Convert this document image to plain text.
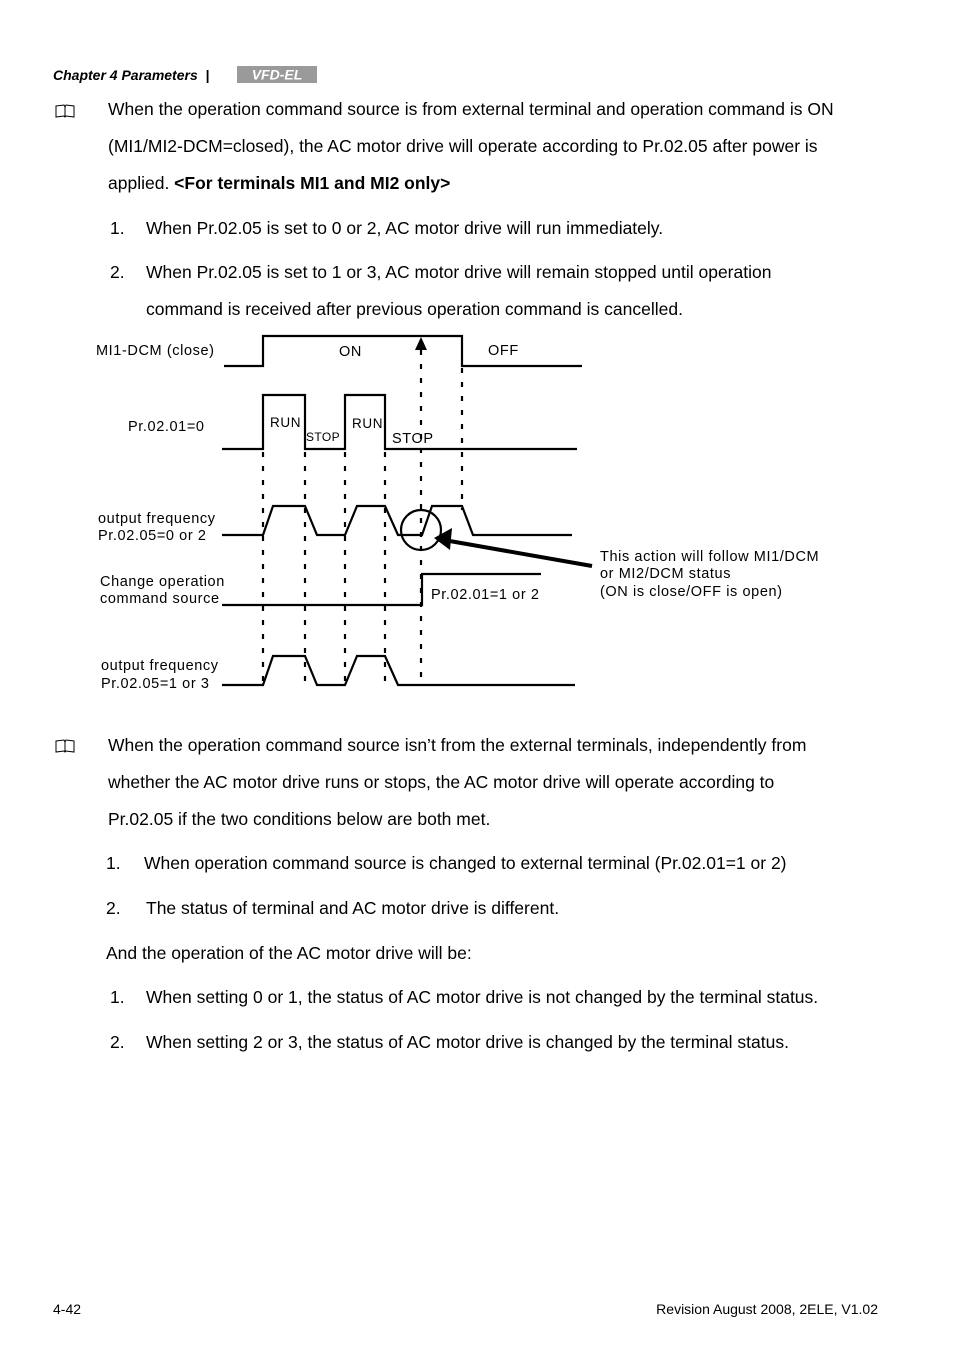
Chapter 4 Parameters |	VFD-EL
When the operation command source is from external terminal and operation command is ON
(MI1/MI2-DCM=closed), the AC motor drive will operate according to Pr.02.05 after power is
applied. <For terminals MI1 and MI2 only>
1. When Pr.02.05 is set to 0 or 2, AC motor drive will run immediately.
2. When Pr.02.05 is set to 1 or 3, AC motor drive will remain stopped until operation
command is received after previous operation command is cancelled.
MI1-DCM (close)	ON	OFF
Pr.02.01=0
output frequency
Pr.02.05=0 or 2
Change operation
command source	Pr.02.01=1 or 2
output frequency
Pr.02.05=1 or 3
STOP
RUN	RUN
STOP
This action will follow MI1/DCM
or MI2/DCM status
(ON is close/OFF is open)
When the operation command source isn’t from the external terminals, independently from
whether the AC motor drive runs or stops, the AC motor drive will operate according to
Pr.02.05 if the two conditions below are both met.
1. When operation command source is changed to external terminal (Pr.02.01=1 or 2)
2. The status of terminal and AC motor drive is different.
And the operation of the AC motor drive will be:
1. When setting 0 or 1, the status of AC motor drive is not changed by the terminal status.
2. When setting 2 or 3, the status of AC motor drive is changed by the terminal status.
4-42	Revision August 2008, 2ELE, V1.02
